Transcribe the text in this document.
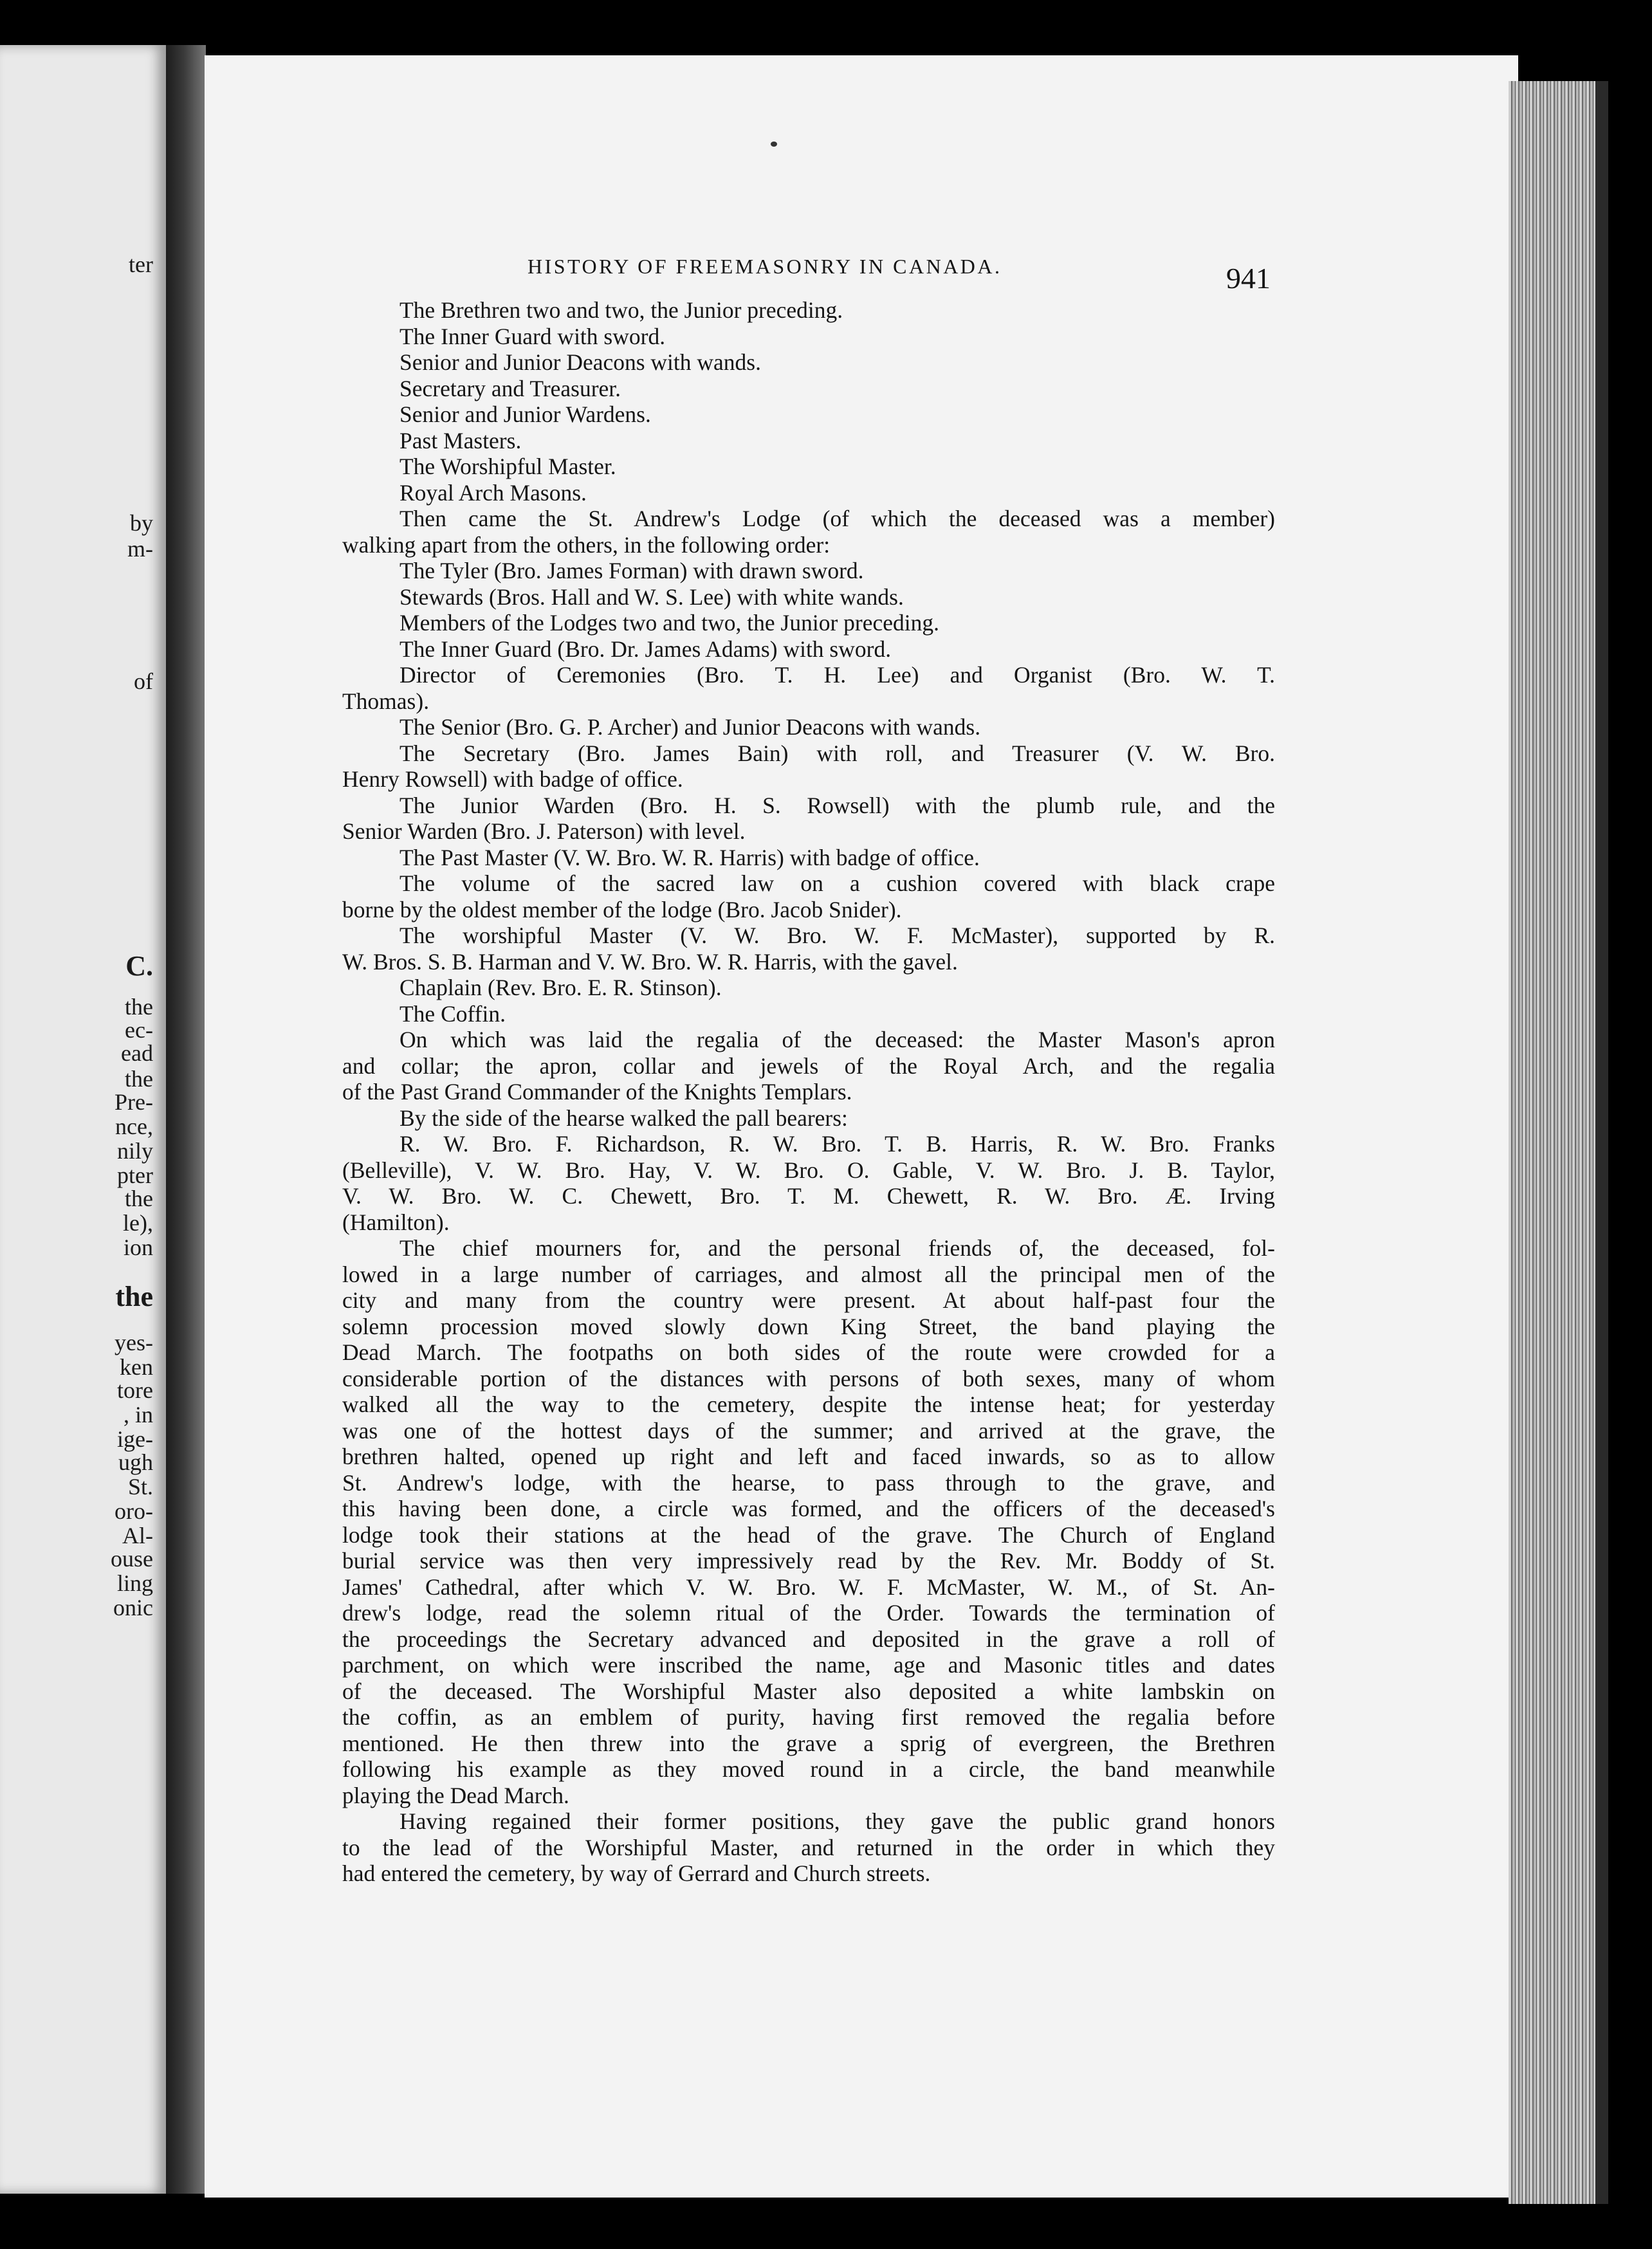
ter
by
m-
of
C.
the
ec-
ead
the
Pre-
nce,
nily
pter
the
le),
ion
the
yes-
ken
tore
, in
ige-
ugh
St.
oro-
Al-
ouse
ling
onic
HISTORY OF FREEMASONRY IN CANADA.	941
The Brethren two and two, the Junior preceding.
The Inner Guard with sword.
Senior and Junior Deacons with wands.
Secretary and Treasurer.
Senior and Junior Wardens.
Past Masters.
The Worshipful Master.
Royal Arch Masons.
Then came the St. Andrew's Lodge (of which the deceased was a member)
walking apart from the others, in the following order:
The Tyler (Bro. James Forman) with drawn sword.
Stewards (Bros. Hall and W. S. Lee) with white wands.
Members of the Lodges two and two, the Junior preceding.
The Inner Guard (Bro. Dr. James Adams) with sword.
Director of Ceremonies (Bro. T. H. Lee) and Organist (Bro. W. T.
Thomas).
The Senior (Bro. G. P. Archer) and Junior Deacons with wands.
The Secretary (Bro. James Bain) with roll, and Treasurer (V. W. Bro.
Henry Rowsell) with badge of office.
The Junior Warden (Bro. H. S. Rowsell) with the plumb rule, and the
Senior Warden (Bro. J. Paterson) with level.
The Past Master (V. W. Bro. W. R. Harris) with badge of office.
The volume of the sacred law on a cushion covered with black crape
borne by the oldest member of the lodge (Bro. Jacob Snider).
The worshipful Master (V. W. Bro. W. F. McMaster), supported by R.
W. Bros. S. B. Harman and V. W. Bro. W. R. Harris, with the gavel.
Chaplain (Rev. Bro. E. R. Stinson).
The Coffin.
On which was laid the regalia of the deceased: the Master Mason's apron
and collar; the apron, collar and jewels of the Royal Arch, and the regalia
of the Past Grand Commander of the Knights Templars.
By the side of the hearse walked the pall bearers:
R. W. Bro. F. Richardson, R. W. Bro. T. B. Harris, R. W. Bro. Franks
(Belleville), V. W. Bro. Hay, V. W. Bro. O. Gable, V. W. Bro. J. B. Taylor,
V. W. Bro. W. C. Chewett, Bro. T. M. Chewett, R. W. Bro. Æ. Irving
(Hamilton).
The chief mourners for, and the personal friends of, the deceased, fol-
lowed in a large number of carriages, and almost all the principal men of the
city and many from the country were present. At about half-past four the
solemn procession moved slowly down King Street, the band playing the
Dead March. The footpaths on both sides of the route were crowded for a
considerable portion of the distances with persons of both sexes, many of whom
walked all the way to the cemetery, despite the intense heat; for yesterday
was one of the hottest days of the summer; and arrived at the grave, the
brethren halted, opened up right and left and faced inwards, so as to allow
St. Andrew's lodge, with the hearse, to pass through to the grave, and
this having been done, a circle was formed, and the officers of the deceased's
lodge took their stations at the head of the grave. The Church of England
burial service was then very impressively read by the Rev. Mr. Boddy of St.
James' Cathedral, after which V. W. Bro. W. F. McMaster, W. M., of St. An-
drew's lodge, read the solemn ritual of the Order. Towards the termination of
the proceedings the Secretary advanced and deposited in the grave a roll of
parchment, on which were inscribed the name, age and Masonic titles and dates
of the deceased. The Worshipful Master also deposited a white lambskin on
the coffin, as an emblem of purity, having first removed the regalia before
mentioned. He then threw into the grave a sprig of evergreen, the Brethren
following his example as they moved round in a circle, the band meanwhile
playing the Dead March.
Having regained their former positions, they gave the public grand honors
to the lead of the Worshipful Master, and returned in the order in which they
had entered the cemetery, by way of Gerrard and Church streets.
